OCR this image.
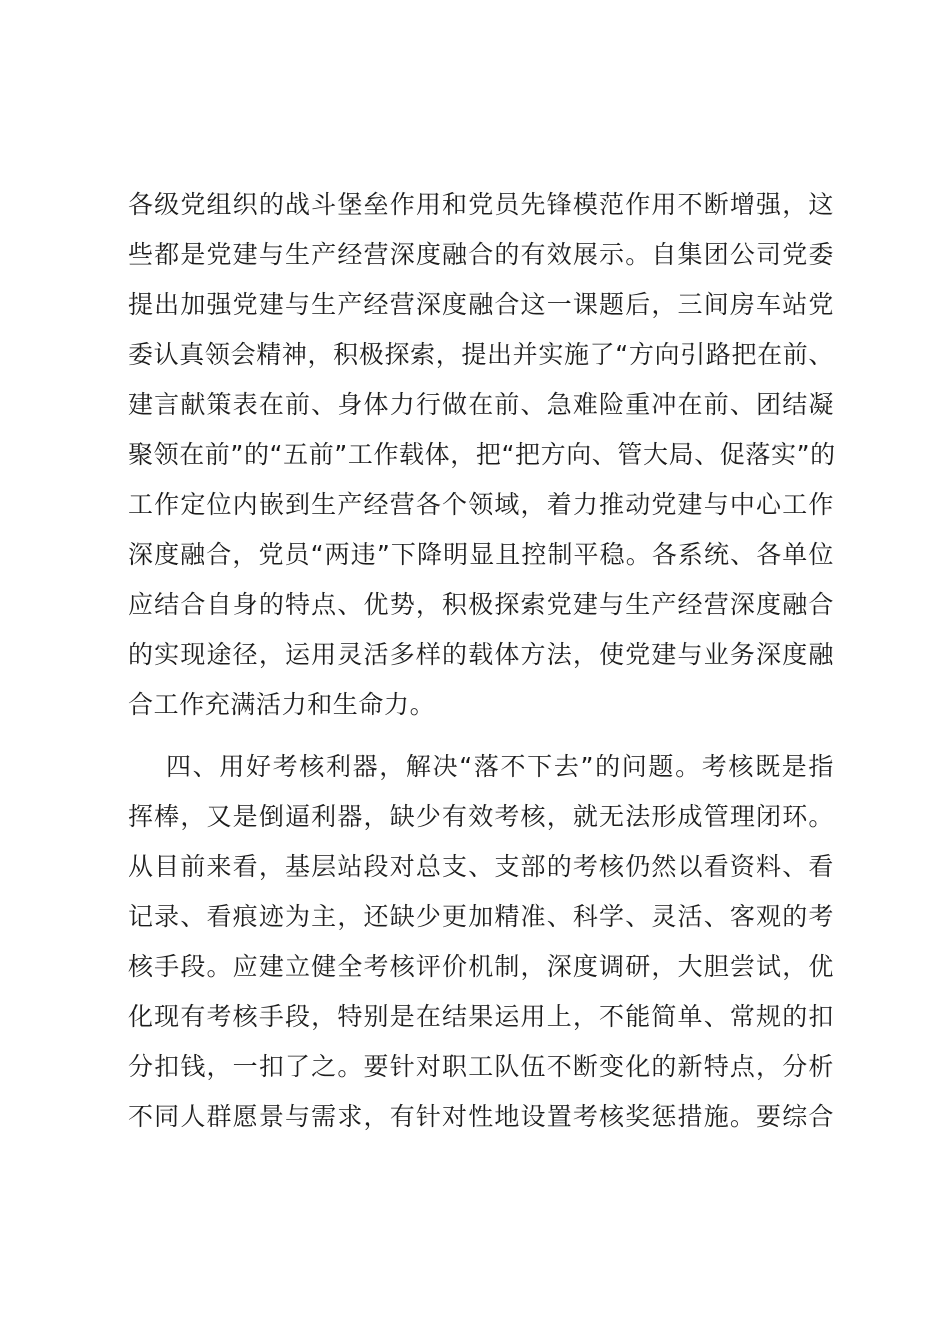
各级党组织的战斗堡垒作用和党员先锋模范作用不断增强，这
些都是党建与生产经营深度融合的有效展示。自集团公司党委
提出加强党建与生产经营深度融合这一课题后，三间房车站党
委认真领会精神，积极探索，提出并实施了“方向引路把在前、
建言献策表在前、身体力行做在前、急难险重冲在前、团结凝
聚领在前”的“五前”工作载体，把“把方向、管大局、促落实”的
工作定位内嵌到生产经营各个领域，着力推动党建与中心工作
深度融合，党员“两违”下降明显且控制平稳。各系统、各单位
应结合自身的特点、优势，积极探索党建与生产经营深度融合
的实现途径，运用灵活多样的载体方法，使党建与业务深度融
合工作充满活力和生命力。
四、用好考核利器，解决“落不下去”的问题。考核既是指
挥棒，又是倒逼利器，缺少有效考核，就无法形成管理闭环。
从目前来看，基层站段对总支、支部的考核仍然以看资料、看
记录、看痕迹为主，还缺少更加精准、科学、灵活、客观的考
核手段。应建立健全考核评价机制，深度调研，大胆尝试，优
化现有考核手段，特别是在结果运用上，不能简单、常规的扣
分扣钱，一扣了之。要针对职工队伍不断变化的新特点，分析
不同人群愿景与需求，有针对性地设置考核奖惩措施。要综合
